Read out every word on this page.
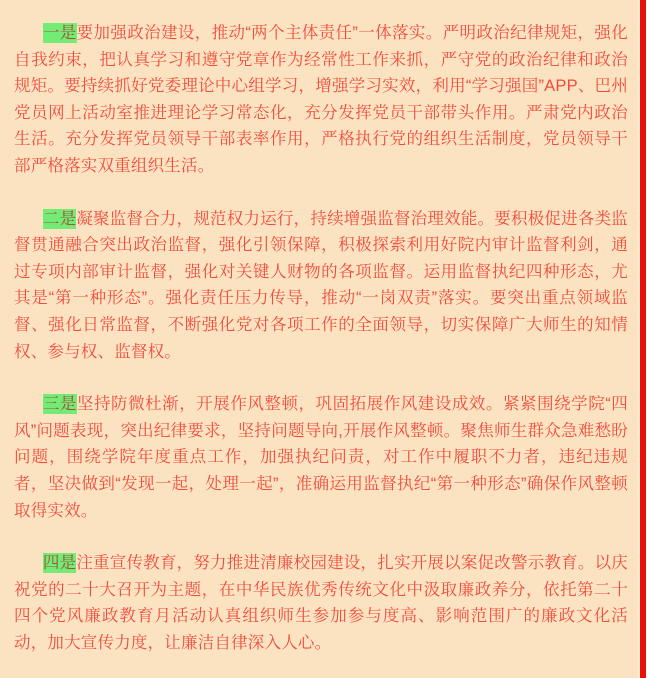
一是要加强政治建设，推动“两个主体责任”一体落实。严明政治纪律规矩，强化自我约束，把认真学习和遵守党章作为经常性工作来抓，严守党的政治纪律和政治规矩。要持续抓好党委理论中心组学习，增强学习实效，利用“学习强国”APP、巴州党员网上活动室推进理论学习常态化，充分发挥党员干部带头作用。严肃党内政治生活。充分发挥党员领导干部表率作用，严格执行党的组织生活制度，党员领导干部严格落实双重组织生活。

二是凝聚监督合力，规范权力运行，持续增强监督治理效能。要积极促进各类监督贯通融合突出政治监督，强化引领保障，积极探索利用好院内审计监督利剑，通过专项内部审计监督，强化对关键人财物的各项监督。运用监督执纪四种形态，尤其是“第一种形态”。强化责任压力传导，推动“一岗双责”落实。要突出重点领域监督、强化日常监督，不断强化党对各项工作的全面领导，切实保障广大师生的知情权、参与权、监督权。

三是坚持防微杜渐，开展作风整顿，巩固拓展作风建设成效。紧紧围绕学院“四风”问题表现，突出纪律要求，坚持问题导向,开展作风整顿。聚焦师生群众急难愁盼问题，围绕学院年度重点工作，加强执纪问责，对工作中履职不力者，违纪违规者，坚决做到“发现一起，处理一起”，准确运用监督执纪“第一种形态”确保作风整顿取得实效。

四是注重宣传教育，努力推进清廉校园建设，扎实开展以案促改警示教育。以庆祝党的二十大召开为主题，在中华民族优秀传统文化中汲取廉政养分，依托第二十四个党风廉政教育月活动认真组织师生参加参与度高、影响范围广的廉政文化活动，加大宣传力度，让廉洁自律深入人心。
